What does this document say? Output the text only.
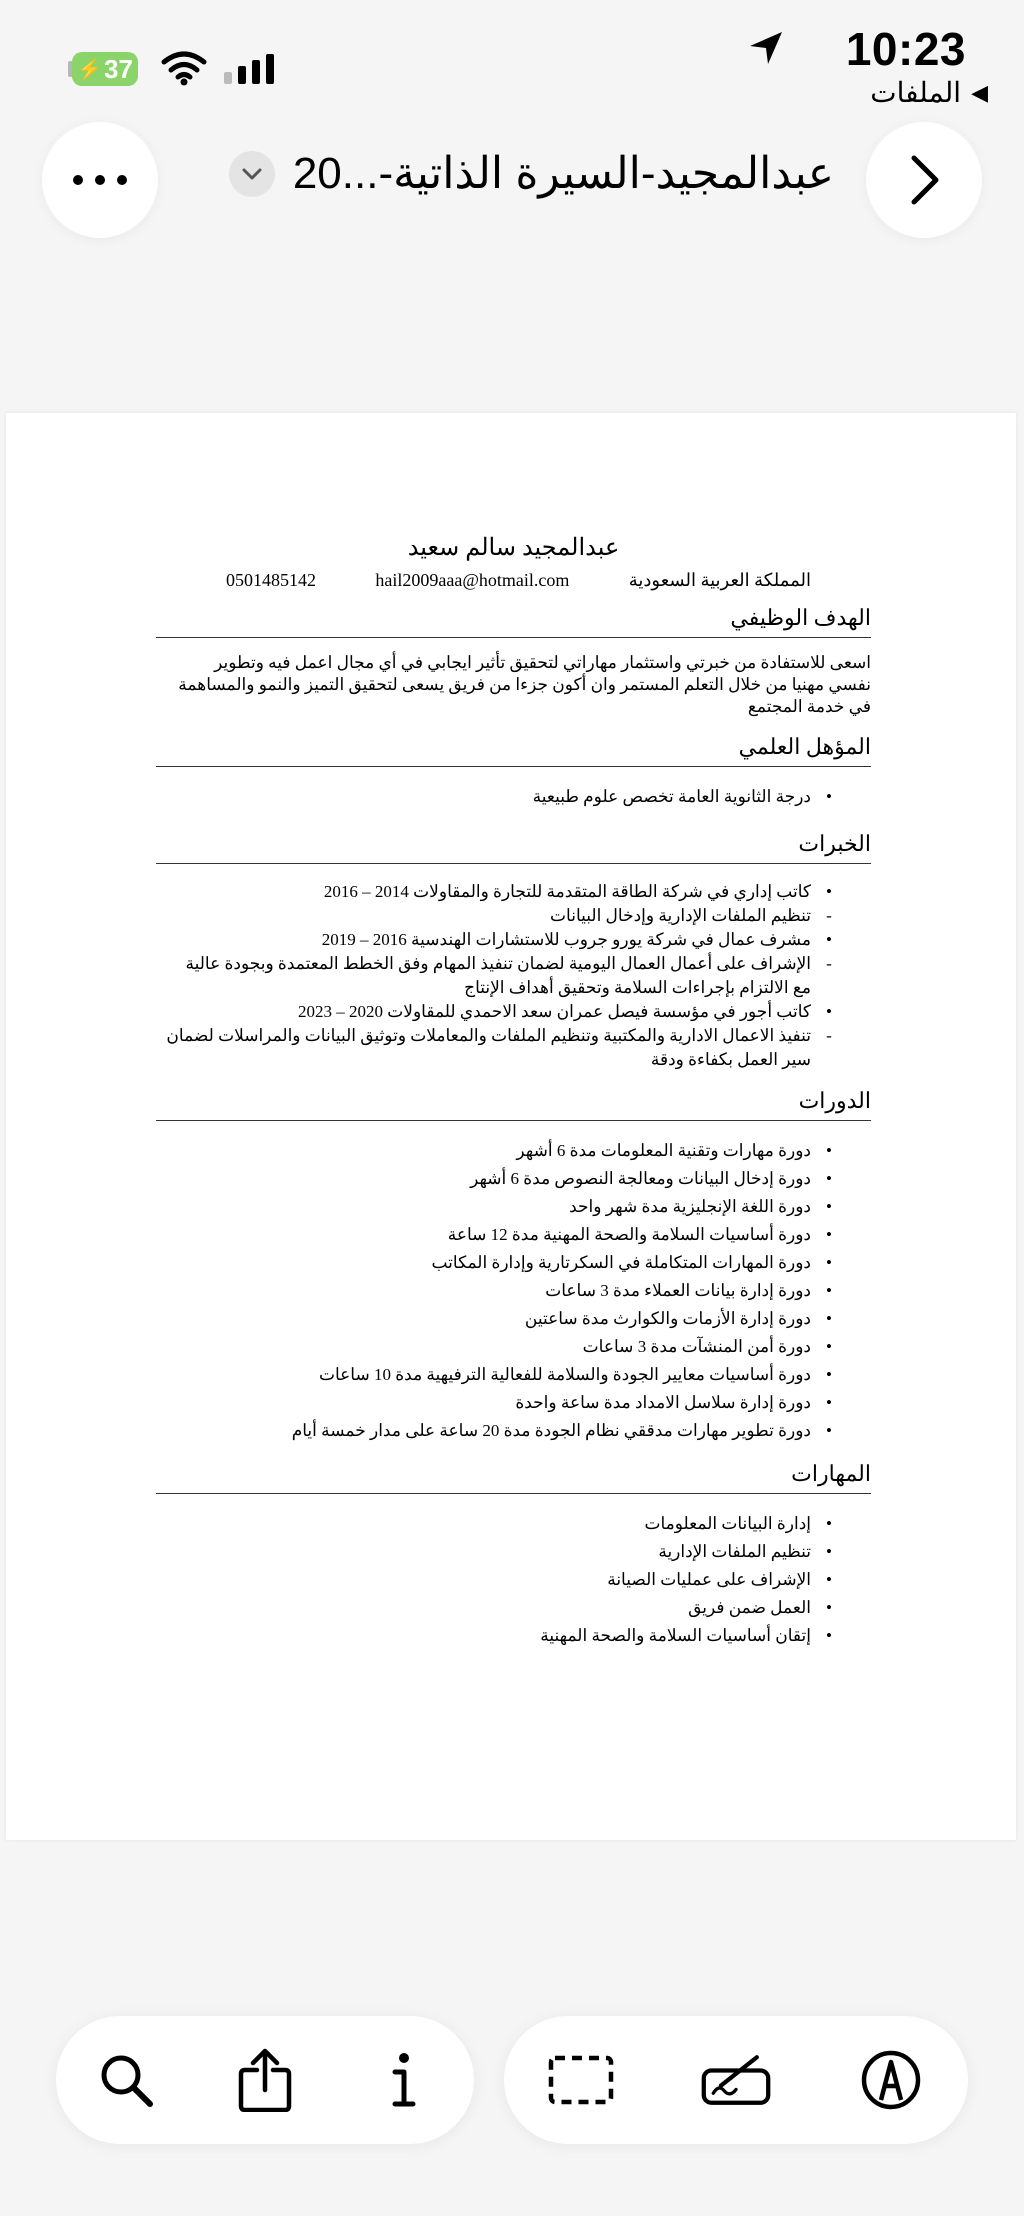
⚡ 37	10:23
◀
الملفات
عبدالمجيد-السيرة الذاتية-...20
عبدالمجيد سالم سعيد
المملكة العربية السعودية
hail2009aaa@hotmail.com
0501485142
الهدف الوظيفي

اسعى للاستفادة من خبرتي واستثمار مهاراتي لتحقيق تأثير ايجابي في أي مجال اعمل فيه وتطوير نفسي مهنيا من خلال التعلم المستمر وان أكون جزءا من فريق يسعى لتحقيق التميز والنمو والمساهمة في خدمة المجتمع

المؤهل العلمي
•
درجة الثانوية العامة تخصص علوم طبيعية
الخبرات
•
كاتب إداري في شركة الطاقة المتقدمة للتجارة والمقاولات 2014 – 2016
-
تنظيم الملفات الإدارية وإدخال البيانات
•
مشرف عمال في شركة يورو جروب للاستشارات الهندسية 2016 – 2019
-
الإشراف على أعمال العمال اليومية لضمان تنفيذ المهام وفق الخطط المعتمدة وبجودة عالية مع الالتزام بإجراءات السلامة وتحقيق أهداف الإنتاج
•
كاتب أجور في مؤسسة فيصل عمران سعد الاحمدي للمقاولات 2020 – 2023
-
تنفيذ الاعمال الادارية والمكتبية وتنظيم الملفات والمعاملات وتوثيق البيانات والمراسلات لضمان سير العمل بكفاءة ودقة
الدورات
•
دورة مهارات وتقنية المعلومات مدة 6 أشهر
•
دورة إدخال البيانات ومعالجة النصوص مدة 6 أشهر
•
دورة اللغة الإنجليزية مدة شهر واحد
•
دورة أساسيات السلامة والصحة المهنية مدة 12 ساعة
•
دورة المهارات المتكاملة في السكرتارية وإدارة المكاتب
•
دورة إدارة بيانات العملاء مدة 3 ساعات
•
دورة إدارة الأزمات والكوارث مدة ساعتين
•
دورة أمن المنشآت مدة 3 ساعات
•
دورة أساسيات معايير الجودة والسلامة للفعالية الترفيهية مدة 10 ساعات
•
دورة إدارة سلاسل الامداد مدة ساعة واحدة
•
دورة تطوير مهارات مدققي نظام الجودة مدة 20 ساعة على مدار خمسة أيام
المهارات
•
إدارة البيانات المعلومات
•
تنظيم الملفات الإدارية
•
الإشراف على عمليات الصيانة
•
العمل ضمن فريق
•
إتقان أساسيات السلامة والصحة المهنية
